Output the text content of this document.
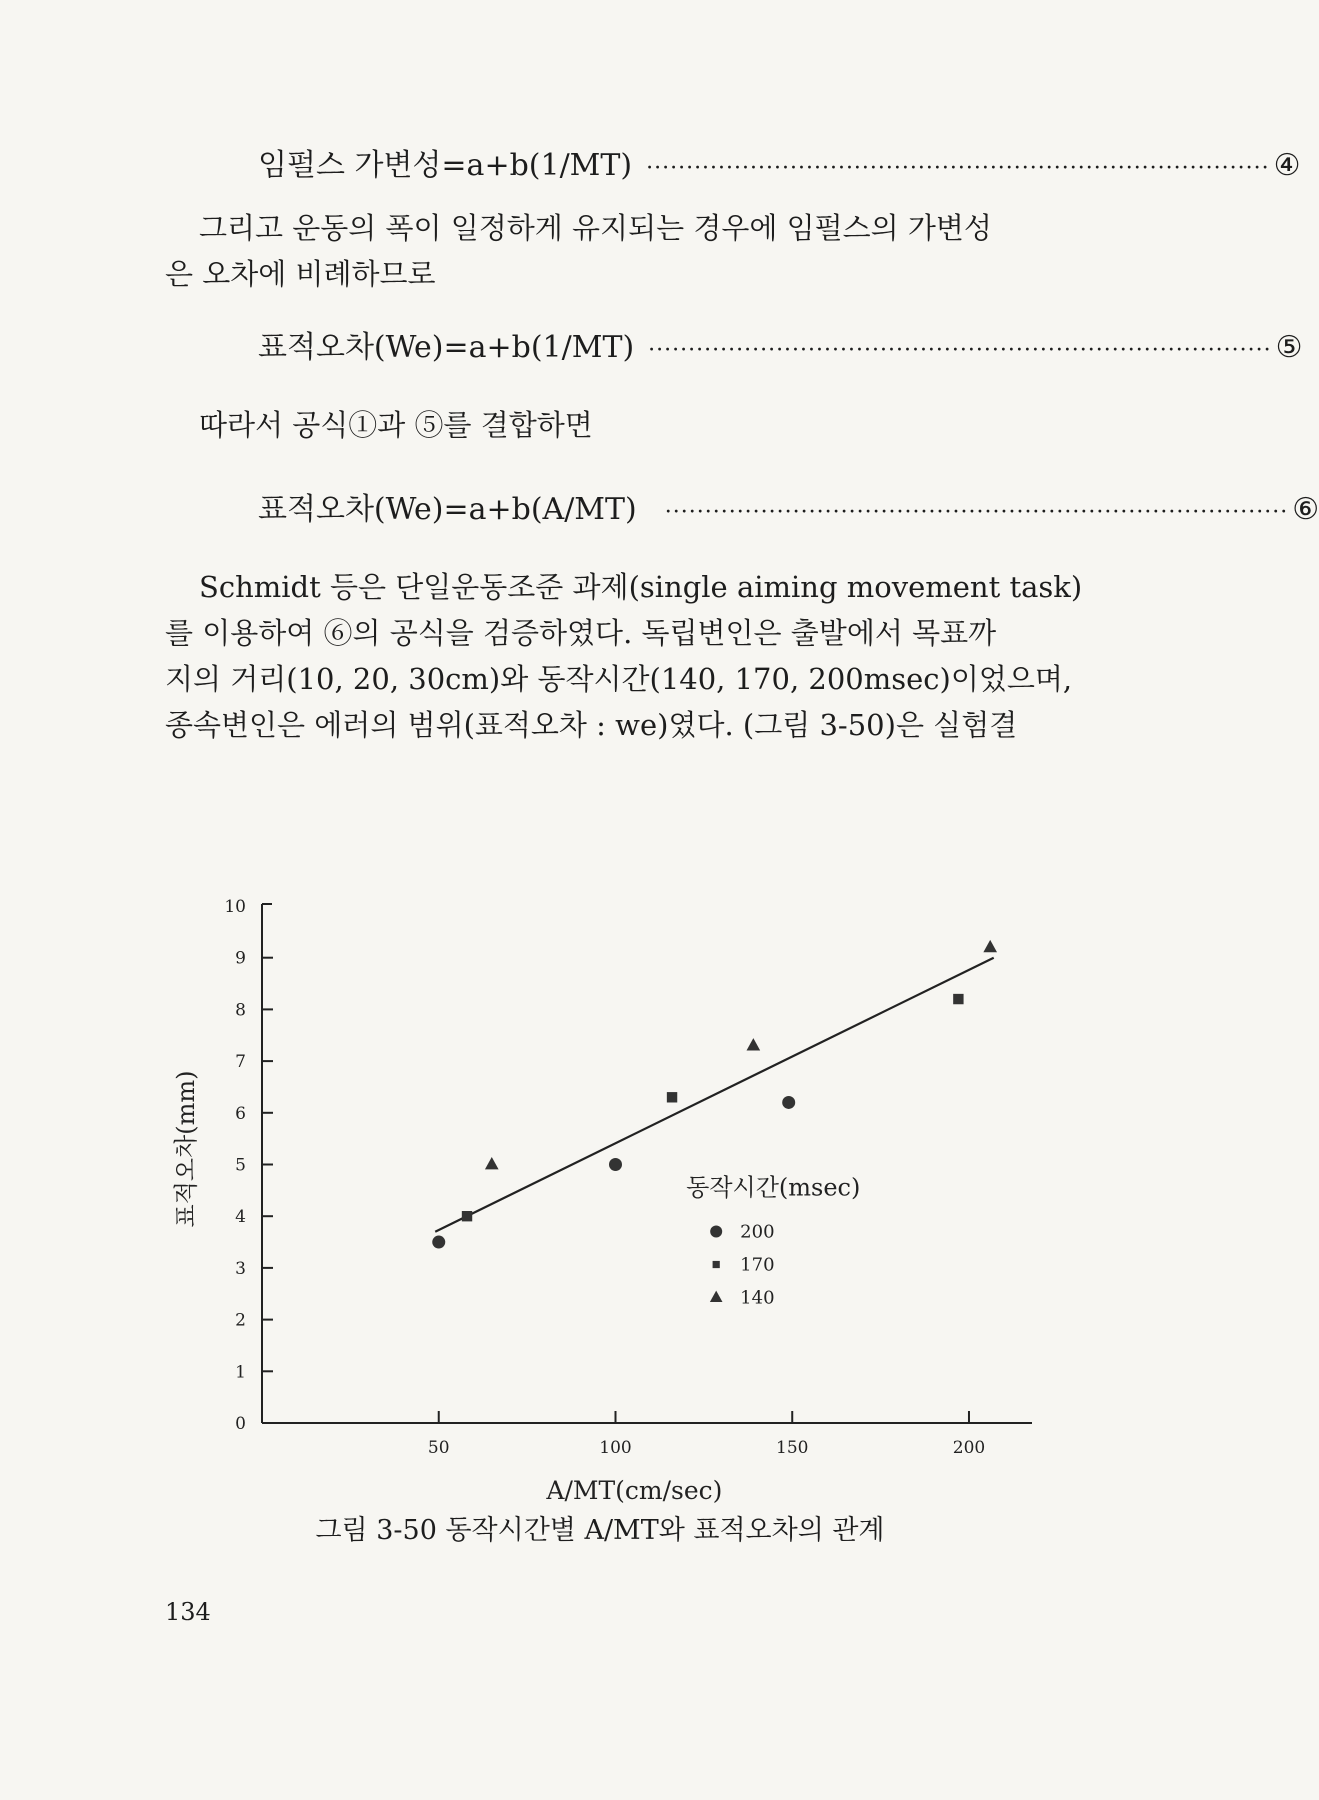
임펄스 가변성=a+b(1/MT) ·············································································· ④
그리고 운동의 폭이 일정하게 유지되는 경우에 임펄스의 가변성
은 오차에 비례하므로
표적오차(We)=a+b(1/MT) ·············································································· ⑤
따라서 공식①과 ⑤를 결합하면
표적오차(We)=a+b(A/MT) ·············································································· ⑥
Schmidt 등은 단일운동조준 과제(single aiming movement task)
를 이용하여 ⑥의 공식을 검증하였다. 독립변인은 출발에서 목표까
지의 거리(10, 20, 30cm)와 동작시간(140, 170, 200msec)이었으며,
종속변인은 에러의 범위(표적오차 : we)였다. (그림 3-50)은 실험결
0
1
2
3
4
5
6
7
8
9
10
50	100	150	200
A/MT(cm/sec)
표적오차(mm)	동작시간(msec)
200
170
140
그림 3-50 동작시간별 A/MT와 표적오차의 관계
134
